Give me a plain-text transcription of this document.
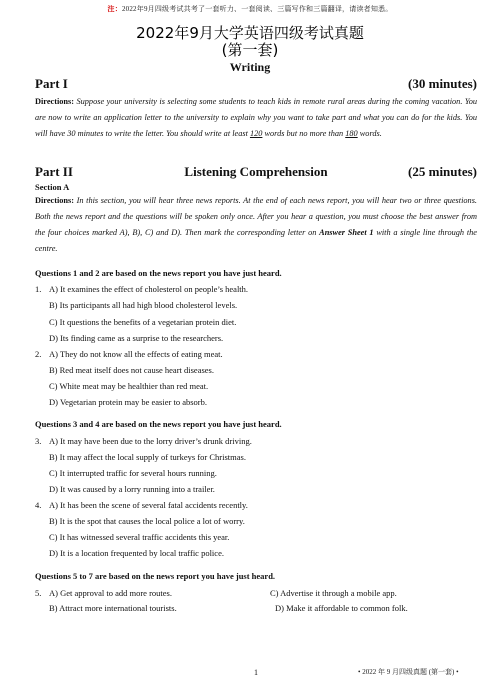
注：2022年9月四级考试共考了一套听力、一套阅读、三篇写作和三篇翻译，请读者知悉。
2022年9月大学英语四级考试真题
(第一套)
Writing
Part I	(30 minutes)
Directions: Suppose your university is selecting some students to teach kids in remote rural areas during the coming vacation. You are now to write an application letter to the university to explain why you want to take part and what you can do for the kids. You will have 30 minutes to write the letter. You should write at least 120 words but no more than 180 words.
Part II	Listening Comprehension	(25 minutes)
Section A
Directions: In this section, you will hear three news reports. At the end of each news report, you will hear two or three questions. Both the news report and the questions will be spoken only once. After you hear a question, you must choose the best answer from the four choices marked A), B), C) and D). Then mark the corresponding letter on Answer Sheet 1 with a single line through the centre.
Questions 1 and 2 are based on the news report you have just heard.
1. A) It examines the effect of cholesterol on people’s health.
B) Its participants all had high blood cholesterol levels.
C) It questions the benefits of a vegetarian protein diet.
D) Its finding came as a surprise to the researchers.
2. A) They do not know all the effects of eating meat.
B) Red meat itself does not cause heart diseases.
C) White meat may be healthier than red meat.
D) Vegetarian protein may be easier to absorb.
Questions 3 and 4 are based on the news report you have just heard.
3. A) It may have been due to the lorry driver’s drunk driving.
B) It may affect the local supply of turkeys for Christmas.
C) It interrupted traffic for several hours running.
D) It was caused by a lorry running into a trailer.
4. A) It has been the scene of several fatal accidents recently.
B) It is the spot that causes the local police a lot of worry.
C) It has witnessed several traffic accidents this year.
D) It is a location frequented by local traffic police.
Questions 5 to 7 are based on the news report you have just heard.
5. A) Get approval to add more routes.	C) Advertise it through a mobile app.
B) Attract more international tourists.	D) Make it affordable to common folk.
1	• 2022 年 9 月四级真题 (第一套) •
